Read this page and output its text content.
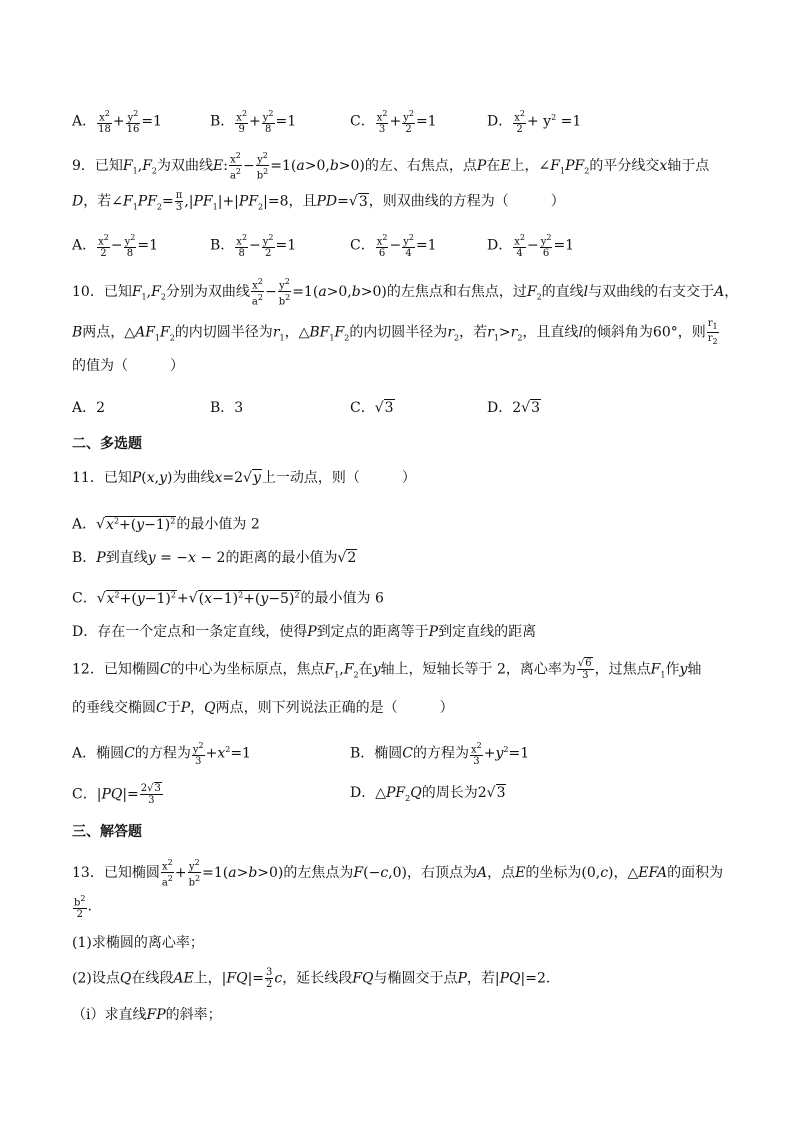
A． $\frac{x^2}{18} + \frac{y^2}{16} =1$	B． $\frac{x^2}{9} + \frac{y^2}{8} =1$	C． $\frac{x^2}{3} + \frac{y^2}{2} =1$	D． $\frac{x^2}{2} + y^2 =1$
9．已知$F_1,F_2$为双曲线E: $\frac{x^2}{a^2} - \frac{y^2}{b^2} =1(a>0,b>0)$的左、右焦点，点P在E上，$\angle F_1PF_2$的平分线交x轴于点
D，若$\angle F_1PF_2= \frac{\pi}{3} ,|PF_1|+|PF_2|=8$，且PD=√3，则双曲线的方程为（　　　）
A． $\frac{x^2}{2} - \frac{y^2}{8} =1$	B． $\frac{x^2}{8} - \frac{y^2}{2} =1$	C． $\frac{x^2}{6} - \frac{y^2}{4} =1$	D． $\frac{x^2}{4} - \frac{y^2}{6} =1$
10．已知$F_1,F_2$分别为双曲线 $\frac{x^2}{a^2} - \frac{y^2}{b^2} =1(a>0,b>0)$的左焦点和右焦点，过$F_2$的直线l与双曲线的右支交于A，
B两点，$\triangle AF_1F_2$的内切圆半径为$r_1$，$\triangle BF_1F_2$的内切圆半径为$r_2$，若$r_1>r_2$，且直线l的倾斜角为60°，则 $\frac{r_1}{r_2}$
的值为（　　　）
A．2	B．3	C．√3	D．2√3
二、多选题
11．已知P(x,y)为曲线x=2√y上一动点，则（　　　）
A．$√x^2+(y-1)^2$的最小值为 2
B．P到直线y = −x − 2的距离的最小值为√2
C．$√x^2+(y-1)^2+√(x-1)^2+(y-5)^2$的最小值为 6
D．存在一个定点和一条定直线，使得P到定点的距离等于P到定直线的距离
12．已知椭圆C的中心为坐标原点，焦点$F_1,F_2$在y轴上，短轴长等于 2，离心率为 $\frac{√6}{3}$ ，过焦点$F_1$作y轴
的垂线交椭圆C于P，Q两点，则下列说法正确的是（　　　）
A．椭圆C的方程为 $\frac{y^2}{3} +x^2=1$	B．椭圆C的方程为 $\frac{x^2}{3} +y^2=1$
C．$|PQ|= \frac{2√3}{3}$	D．$\triangle PF_2Q$的周长为2√3
三、解答题
13．已知椭圆 $\frac{x^2}{a^2} + \frac{y^2}{b^2} =1(a>b>0)$的左焦点为F(−c,0)，右顶点为A，点E的坐标为(0,c)，△EFA的面积为
$\frac{b^2}{2}$ .
(1)求椭圆的离心率；
(2)设点Q在线段AE上，$|FQ|= \frac{3}{2}$ c，延长线段FQ与椭圆交于点P，若|PQ|=2．
（ⅰ）求直线FP的斜率；
